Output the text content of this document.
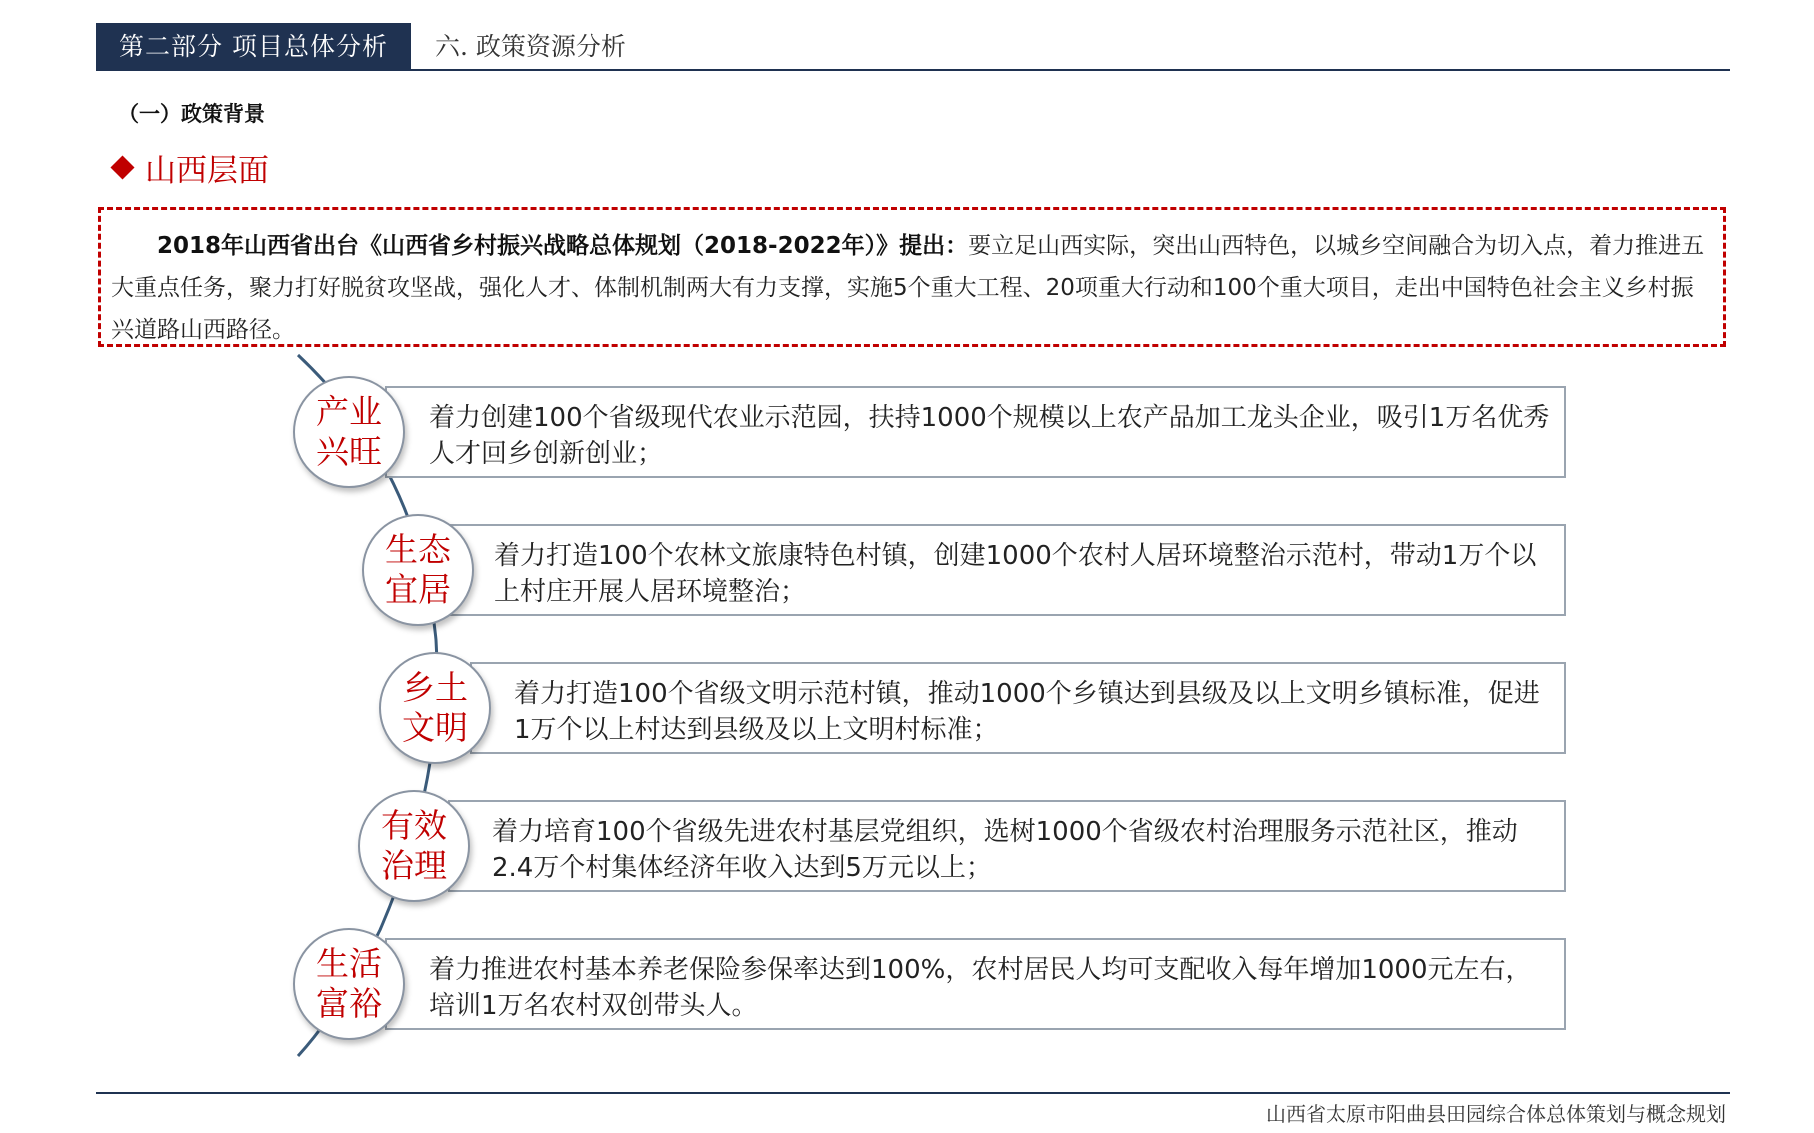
第二部分 项目总体分析	六. 政策资源分析
（一）政策背景
山西层面
2018年山西省出台《山西省乡村振兴战略总体规划（2018-2022年）》提出：要立足山西实际，突出山西特色，以城乡空间融合为切入点，着力推进五大重点任务，聚力打好脱贫攻坚战，强化人才、体制机制两大有力支撑，实施5个重大工程、20项重大行动和100个重大项目，走出中国特色社会主义乡村振兴道路山西路径。
着力创建100个省级现代农业示范园，扶持1000个规模以上农产品加工龙头企业，吸引1万名优秀人才回乡创新创业；
产业兴旺
着力打造100个农林文旅康特色村镇，创建1000个农村人居环境整治示范村，带动1万个以上村庄开展人居环境整治；
生态宜居
着力打造100个省级文明示范村镇，推动1000个乡镇达到县级及以上文明乡镇标准，促进1万个以上村达到县级及以上文明村标准；
乡土文明
着力培育100个省级先进农村基层党组织，选树1000个省级农村治理服务示范社区，推动2.4万个村集体经济年收入达到5万元以上；
有效治理
着力推进农村基本养老保险参保率达到100%，农村居民人均可支配收入每年增加1000元左右，培训1万名农村双创带头人。
生活富裕
山西省太原市阳曲县田园综合体总体策划与概念规划
